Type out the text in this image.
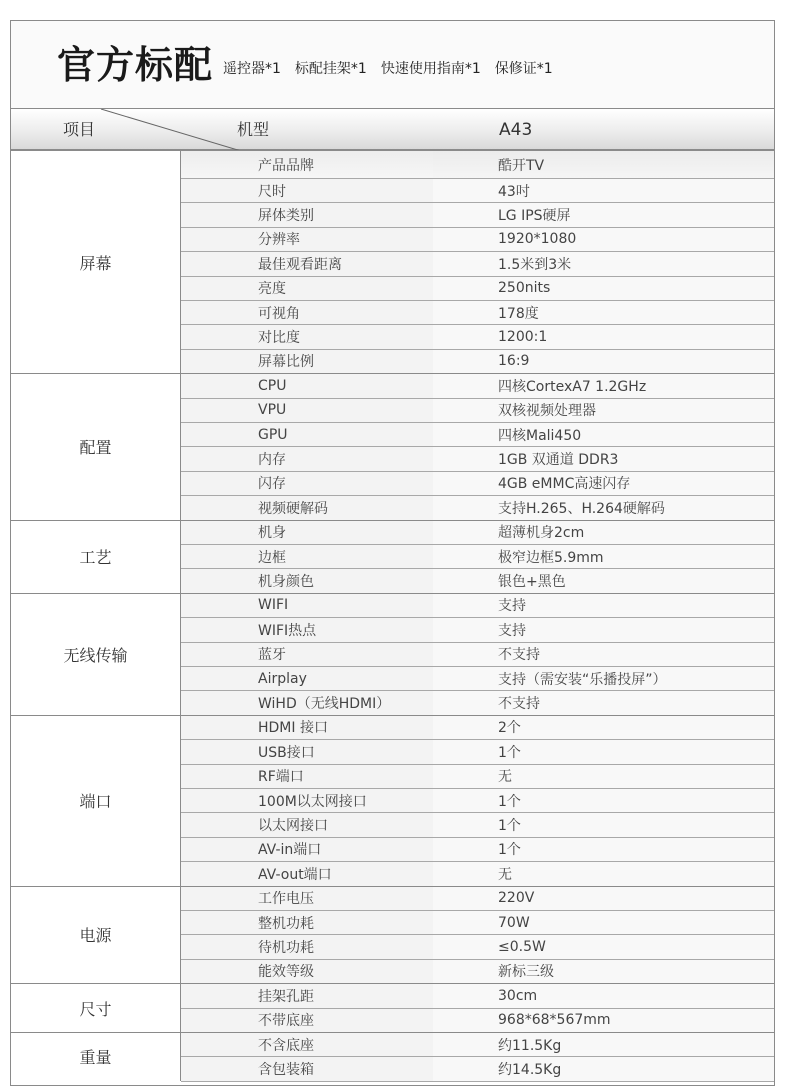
官方标配 遥控器*1　标配挂架*1　快速使用指南*1　保修证*1
项目	机型	A43
屏幕
产品品牌	酷开TV
尺时	43吋
屏体类别	LG IPS硬屏
分辨率	1920*1080
最佳观看距离	1.5米到3米
亮度	250nits
可视角	178度
对比度	1200:1
屏幕比例	16:9
配置
CPU	四核CortexA7 1.2GHz
VPU	双核视频处理器
GPU	四核Mali450
内存	1GB 双通道 DDR3
闪存	4GB eMMC高速闪存
视频硬解码	支持H.265、H.264硬解码
工艺
机身	超薄机身2cm
边框	极窄边框5.9mm
机身颜色	银色+黑色
无线传输
WIFI	支持
WIFI热点	支持
蓝牙	不支持
Airplay	支持（需安装“乐播投屏”）
WiHD（无线HDMI）	不支持
端口
HDMI 接口	2个
USB接口	1个
RF端口	无
100M以太网接口	1个
以太网接口	1个
AV-in端口	1个
AV-out端口	无
电源
工作电压	220V
整机功耗	70W
待机功耗	≤0.5W
能效等级	新标三级
尺寸
挂架孔距	30cm
不带底座	968*68*567mm
重量
不含底座	约11.5Kg
含包装箱	约14.5Kg
